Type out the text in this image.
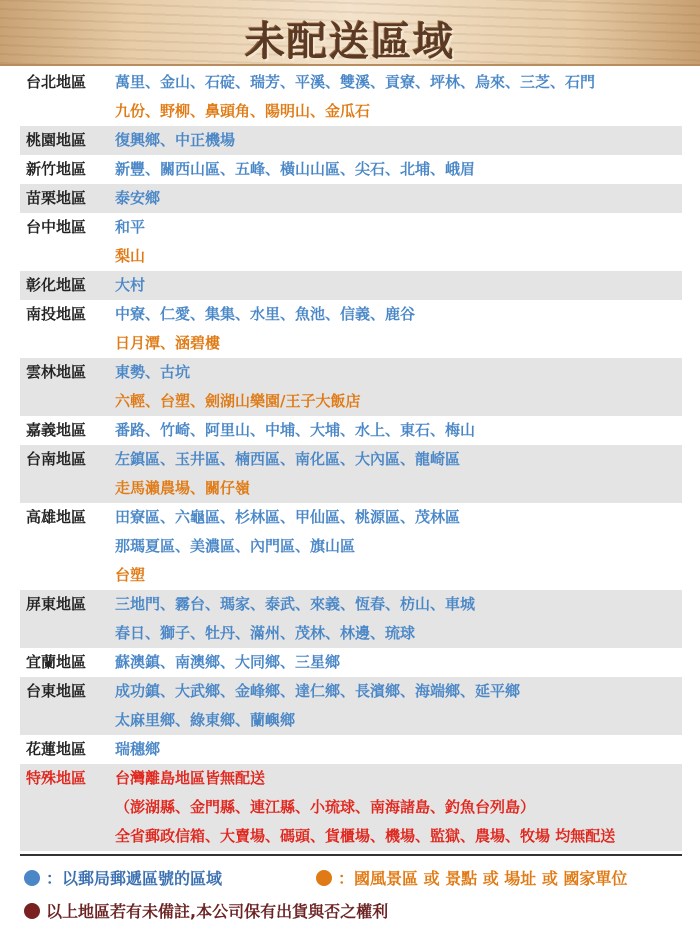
未配送區域
台北地區	萬里、金山、石碇、瑞芳、平溪、雙溪、貢寮、坪林、烏來、三芝、石門
九份、野柳、鼻頭角、陽明山、金瓜石
桃園地區	復興鄉、中正機場
新竹地區	新豐、關西山區、五峰、橫山山區、尖石、北埔、峨眉
苗栗地區	泰安鄉
台中地區	和平
梨山
彰化地區	大村
南投地區	中寮、仁愛、集集、水里、魚池、信義、鹿谷
日月潭、涵碧樓
雲林地區	東勢、古坑
六輕、台塑、劍湖山樂園/王子大飯店
嘉義地區	番路、竹崎、阿里山、中埔、大埔、水上、東石、梅山
台南地區	左鎮區、玉井區、楠西區、南化區、大內區、龍崎區
走馬瀨農場、關仔嶺
高雄地區	田寮區、六龜區、杉林區、甲仙區、桃源區、茂林區
那瑪夏區、美濃區、內門區、旗山區
台塑
屏東地區	三地門、霧台、瑪家、泰武、來義、恆春、枋山、車城
春日、獅子、牡丹、滿州、茂林、林邊、琉球
宜蘭地區	蘇澳鎮、南澳鄉、大同鄉、三星鄉
台東地區	成功鎮、大武鄉、金峰鄉、達仁鄉、長濱鄉、海端鄉、延平鄉
太麻里鄉、綠東鄉、蘭嶼鄉
花蓮地區	瑞穗鄉
特殊地區	台灣離島地區皆無配送
（澎湖縣、金門縣、連江縣、小琉球、南海諸島、釣魚台列島）
全省郵政信箱、大賣場、碼頭、貨櫃場、機場、監獄、農場、牧場 均無配送
：以郵局郵遞區號的區域	：國風景區 或 景點 或 場址 或 國家單位
以上地區若有未備註,本公司保有出貨與否之權利
